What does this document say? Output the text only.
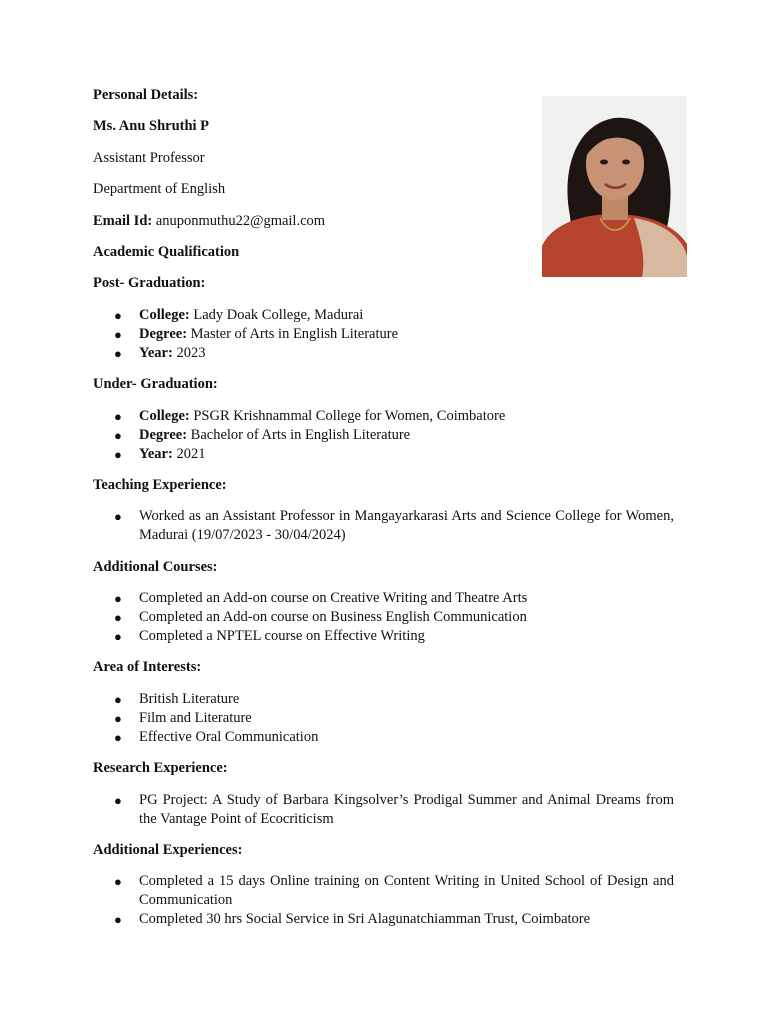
Personal Details:
Ms. Anu Shruthi P
Assistant Professor
Department of English
Email Id: anuponmuthu22@gmail.com
Academic Qualification
Post- Graduation:
● College: Lady Doak College, Madurai
● Degree: Master of Arts in English Literature
● Year: 2023
Under- Graduation:
● College: PSGR Krishnammal College for Women, Coimbatore
● Degree: Bachelor of Arts in English Literature
● Year: 2021
Teaching Experience:
● Worked as an Assistant Professor in Mangayarkarasi Arts and Science College for Women, Madurai (19/07/2023 - 30/04/2024)
Additional Courses:
● Completed an Add-on course on Creative Writing and Theatre Arts
● Completed an Add-on course on Business English Communication
● Completed a NPTEL course on Effective Writing
Area of Interests:
● British Literature
● Film and Literature
● Effective Oral Communication
Research Experience:
● PG Project: A Study of Barbara Kingsolver’s Prodigal Summer and Animal Dreams from the Vantage Point of Ecocriticism
Additional Experiences:
● Completed a 15 days Online training on Content Writing in United School of Design and Communication
● Completed 30 hrs Social Service in Sri Alagunatchiamman Trust, Coimbatore
